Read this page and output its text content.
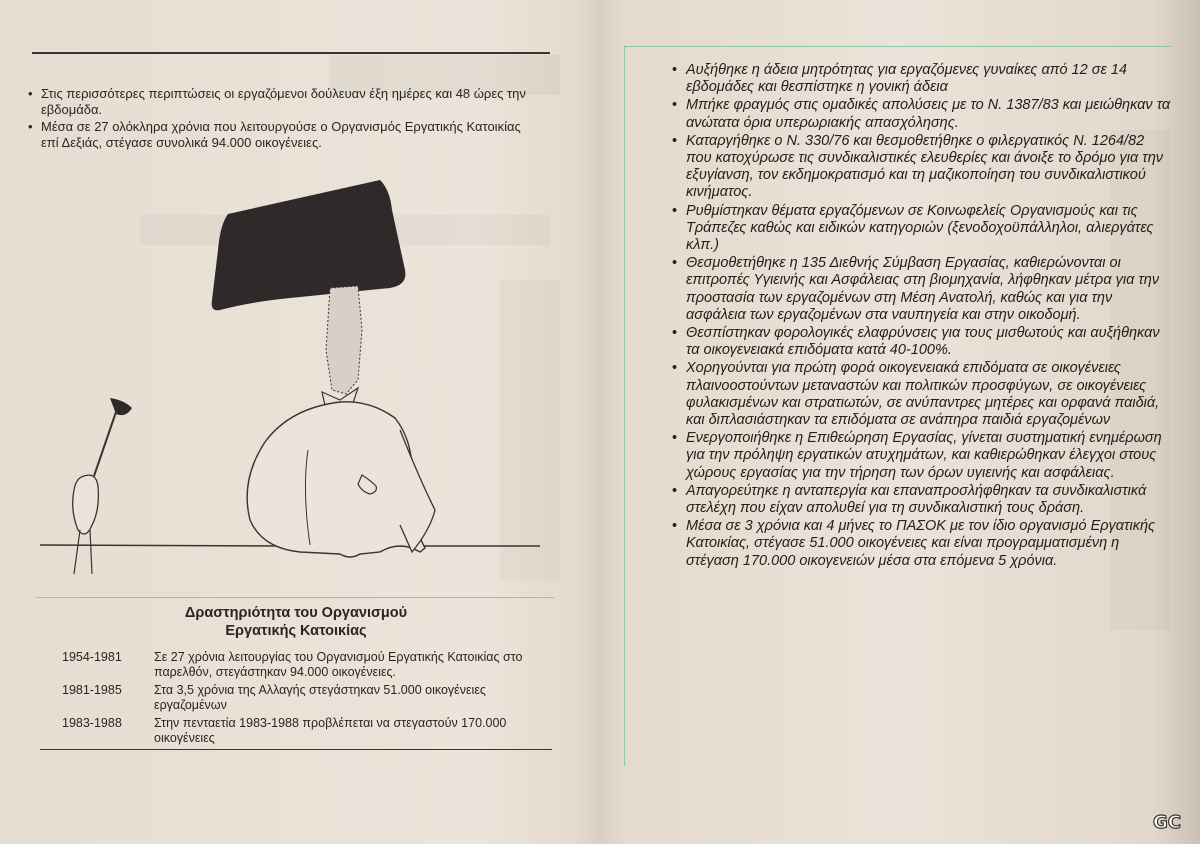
• Στις περισσότερες περιπτώσεις οι εργαζόμενοι δούλευαν έξη ημέρες και 48 ώρες την εβδομάδα.
• Μέσα σε 27 ολόκληρα χρόνια που λειτουργούσε ο Οργανισμός Εργατικής Κατοικίας επί Δεξιάς, στέγασε συνολικά 94.000 οικογένειες.
Δραστηριότητα του Οργανισμού
Εργατικής Κατοικίας
1954-1981	Σε 27 χρόνια λειτουργίας του Οργανισμού Εργατικής Κατοικίας στο παρελθόν, στεγάστηκαν 94.000 οικογένειες.
1981-1985	Στα 3,5 χρόνια της Αλλαγής στεγάστηκαν 51.000 οικογένειες εργαζομένων
1983-1988	Στην πενταετία 1983-1988 προβλέπεται να στεγαστούν 170.000 οικογένειες
• Αυξήθηκε η άδεια μητρότητας για εργαζόμενες γυναίκες από 12 σε 14 εβδομάδες και θεσπίστηκε η γονική άδεια
• Μπήκε φραγμός στις ομαδικές απολύσεις με το Ν. 1387/83 και μειώθηκαν τα ανώτατα όρια υπερωριακής απασχόλησης.
• Καταργήθηκε ο Ν. 330/76 και θεσμοθετήθηκε ο φιλεργατικός Ν. 1264/82 που κατοχύρωσε τις συνδικαλιστικές ελευθερίες και άνοιξε το δρόμο για την εξυγίανση, τον εκδημοκρατισμό και τη μαζικοποίηση του συνδικαλιστικού κινήματος.
• Ρυθμίστηκαν θέματα εργαζόμενων σε Κοινωφελείς Οργανισμούς και τις Τράπεζες καθώς και ειδικών κατηγοριών (ξενοδοχοϋπάλληλοι, αλιεργάτες κλπ.)
• Θεσμοθετήθηκε η 135 Διεθνής Σύμβαση Εργασίας, καθιερώνονται οι επιτροπές Υγιεινής και Ασφάλειας στη βιομηχανία, λήφθηκαν μέτρα για την προστασία των εργαζομένων στη Μέση Ανατολή, καθώς και για την ασφάλεια των εργαζομένων στα ναυπηγεία και στην οικοδομή.
• Θεσπίστηκαν φορολογικές ελαφρύνσεις για τους μισθωτούς και αυξήθηκαν τα οικογενειακά επιδόματα κατά 40-100%.
• Χορηγούνται για πρώτη φορά οικογενειακά επιδόματα σε οικογένειες πλαινοοστούντων μεταναστών και πολιτικών προσφύγων, σε οικογένειες φυλακισμένων και στρατιωτών, σε ανύπαντρες μητέρες και ορφανά παιδιά, και διπλασιάστηκαν τα επιδόματα σε ανάπηρα παιδιά εργαζομένων
• Ενεργοποιήθηκε η Επιθεώρηση Εργασίας, γίνεται συστηματική ενημέρωση για την πρόληψη εργατικών ατυχημάτων, και καθιερώθηκαν έλεγχοι στους χώρους εργασίας για την τήρηση των όρων υγιεινής και ασφάλειας.
• Απαγορεύτηκε η ανταπεργία και επαναπροσλήφθηκαν τα συνδικαλιστικά στελέχη που είχαν απολυθεί για τη συνδικαλιστική τους δράση.
• Μέσα σε 3 χρόνια και 4 μήνες το ΠΑΣΟΚ με τον ίδιο οργανισμό Εργατικής Κατοικίας, στέγασε 51.000 οικογένειες και είναι προγραμματισμένη η στέγαση 170.000 οικογενειών μέσα στα επόμενα 5 χρόνια.
GC
